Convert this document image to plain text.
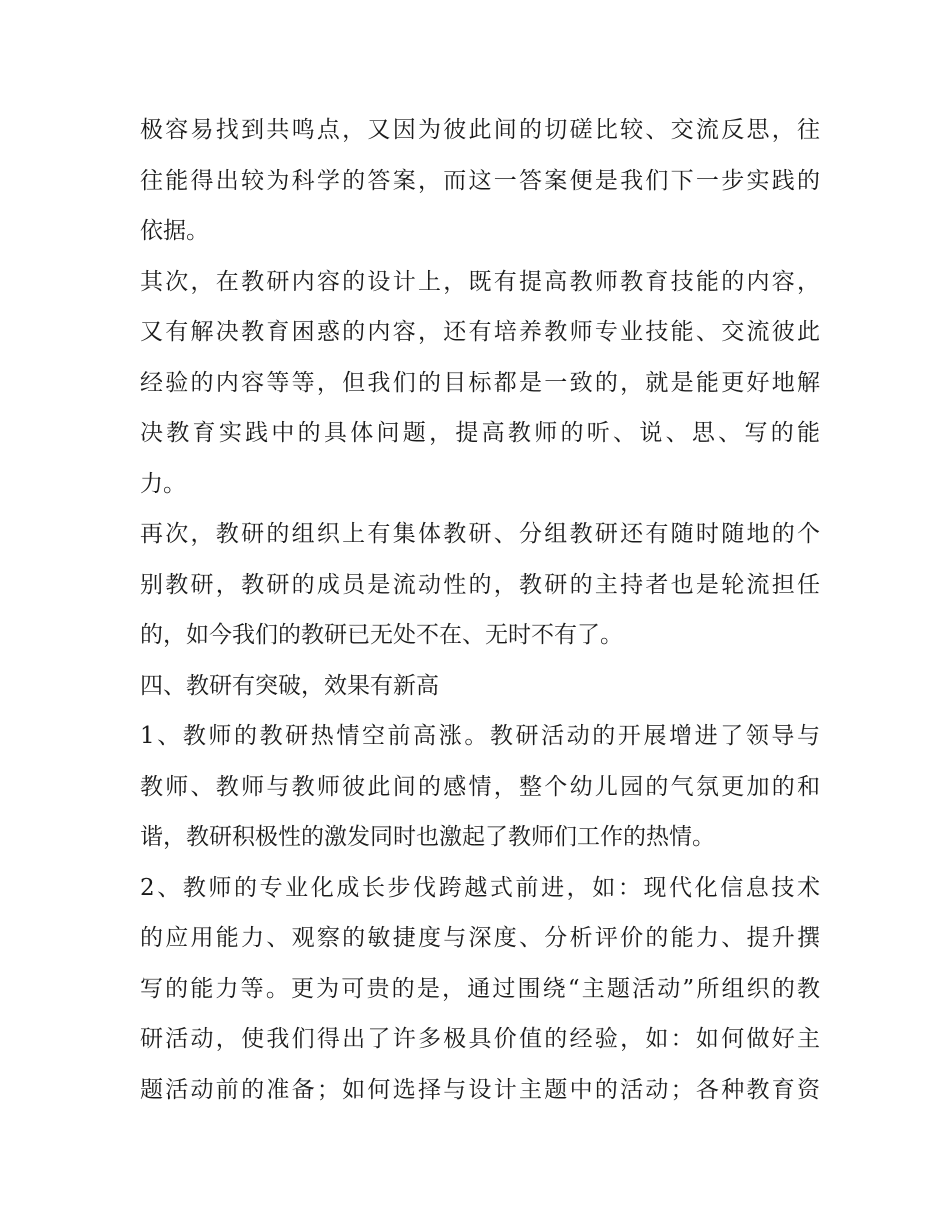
极容易找到共鸣点，又因为彼此间的切磋比较、交流反思，往
往能得出较为科学的答案，而这一答案便是我们下一步实践的
依据。
其次，在教研内容的设计上，既有提高教师教育技能的内容，
又有解决教育困惑的内容，还有培养教师专业技能、交流彼此
经验的内容等等，但我们的目标都是一致的，就是能更好地解
决教育实践中的具体问题，提高教师的听、说、思、写的能
力。
再次，教研的组织上有集体教研、分组教研还有随时随地的个
别教研，教研的成员是流动性的，教研的主持者也是轮流担任
的，如今我们的教研已无处不在、无时不有了。
四、教研有突破，效果有新高
1、教师的教研热情空前高涨。教研活动的开展增进了领导与
教师、教师与教师彼此间的感情，整个幼儿园的气氛更加的和
谐，教研积极性的激发同时也激起了教师们工作的热情。
2、教师的专业化成长步伐跨越式前进，如：现代化信息技术
的应用能力、观察的敏捷度与深度、分析评价的能力、提升撰
写的能力等。更为可贵的是，通过围绕“主题活动”所组织的教
研活动，使我们得出了许多极具价值的经验，如：如何做好主
题活动前的准备；如何选择与设计主题中的活动；各种教育资
